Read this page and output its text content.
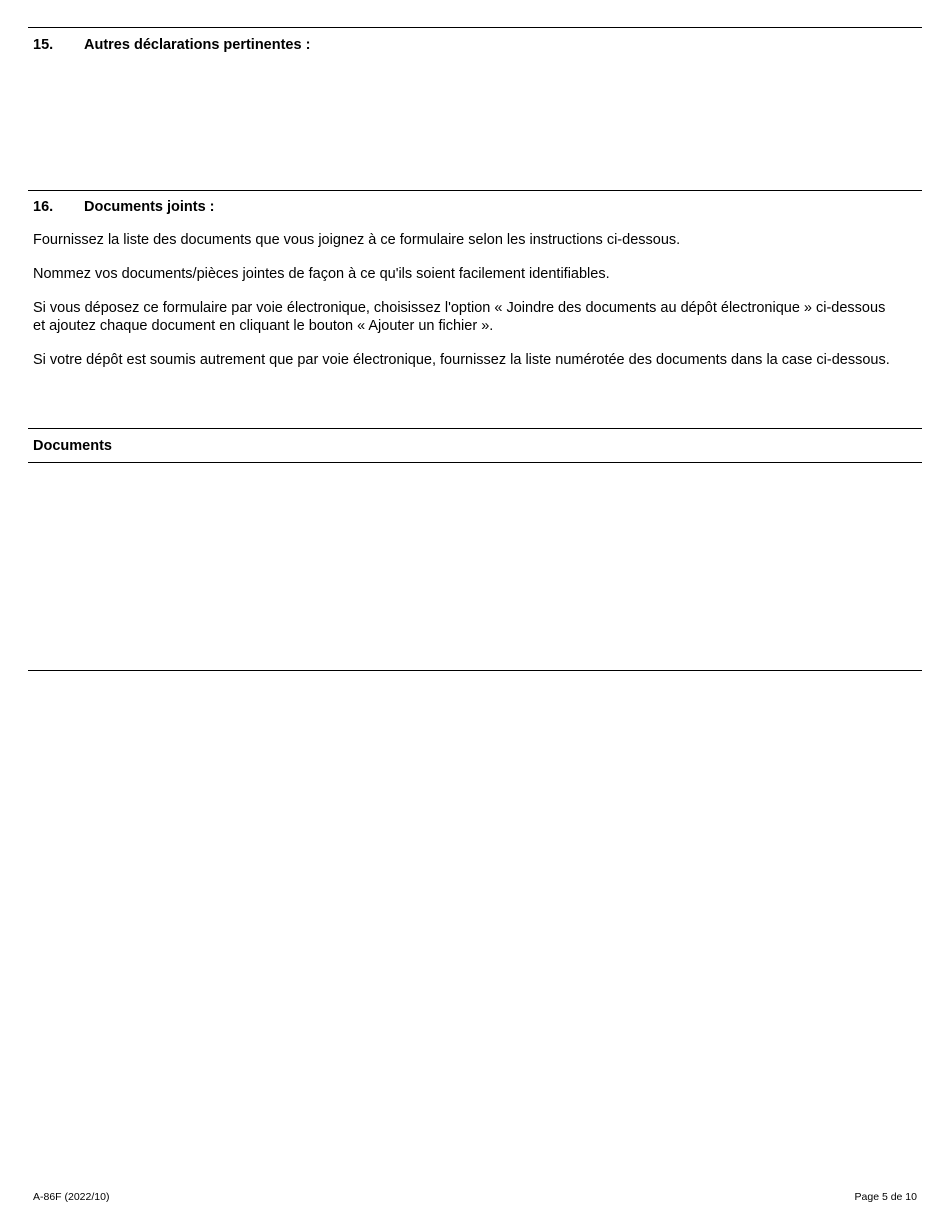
15. Autres déclarations pertinentes :
16. Documents joints :

Fournissez la liste des documents que vous joignez à ce formulaire selon les instructions ci-dessous.

Nommez vos documents/pièces jointes de façon à ce qu'ils soient facilement identifiables.

Si vous déposez ce formulaire par voie électronique, choisissez l'option « Joindre des documents au dépôt électronique » ci-dessous et ajoutez chaque document en cliquant le bouton « Ajouter un fichier ».

Si votre dépôt est soumis autrement que par voie électronique, fournissez la liste numérotée des documents dans la case ci-dessous.

Documents
A-86F (2022/10)	Page 5 de 10
